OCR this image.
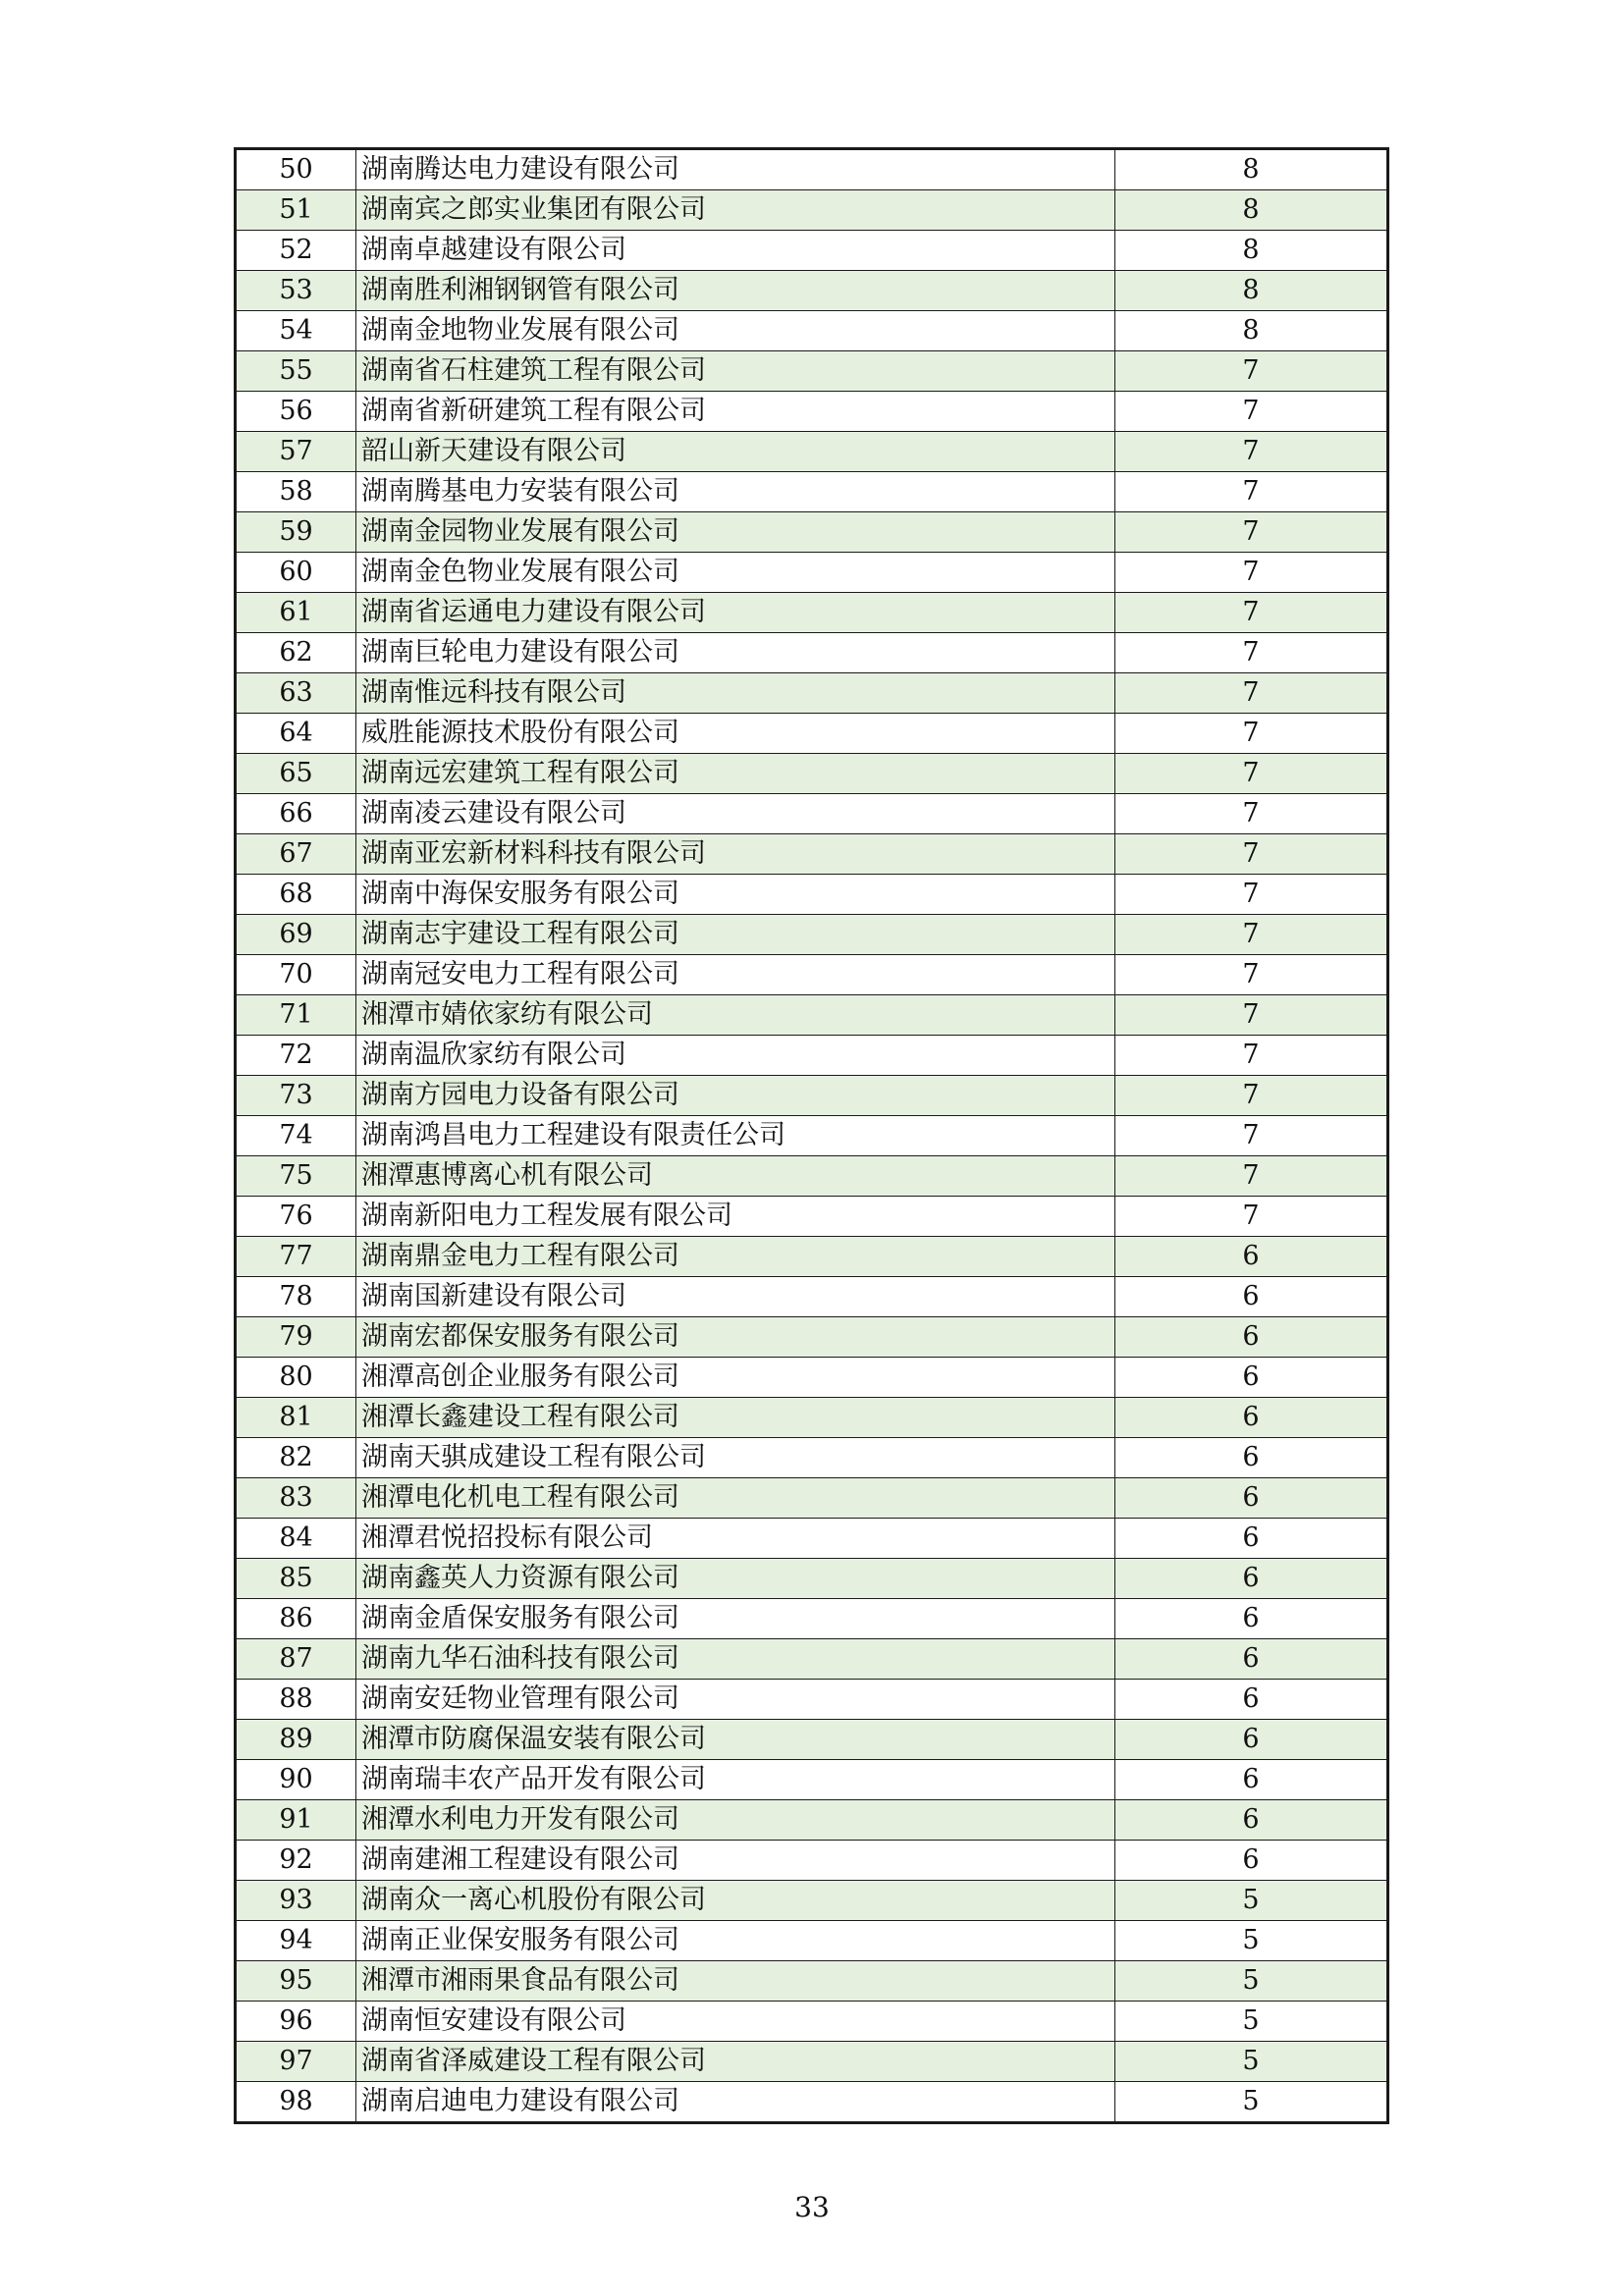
50	湖南腾达电力建设有限公司	8
51	湖南宾之郎实业集团有限公司	8
52	湖南卓越建设有限公司	8
53	湖南胜利湘钢钢管有限公司	8
54	湖南金地物业发展有限公司	8
55	湖南省石柱建筑工程有限公司	7
56	湖南省新研建筑工程有限公司	7
57	韶山新天建设有限公司	7
58	湖南腾基电力安装有限公司	7
59	湖南金园物业发展有限公司	7
60	湖南金色物业发展有限公司	7
61	湖南省运通电力建设有限公司	7
62	湖南巨轮电力建设有限公司	7
63	湖南惟远科技有限公司	7
64	威胜能源技术股份有限公司	7
65	湖南远宏建筑工程有限公司	7
66	湖南凌云建设有限公司	7
67	湖南亚宏新材料科技有限公司	7
68	湖南中海保安服务有限公司	7
69	湖南志宇建设工程有限公司	7
70	湖南冠安电力工程有限公司	7
71	湘潭市婧依家纺有限公司	7
72	湖南温欣家纺有限公司	7
73	湖南方园电力设备有限公司	7
74	湖南鸿昌电力工程建设有限责任公司	7
75	湘潭惠博离心机有限公司	7
76	湖南新阳电力工程发展有限公司	7
77	湖南鼎金电力工程有限公司	6
78	湖南国新建设有限公司	6
79	湖南宏都保安服务有限公司	6
80	湘潭高创企业服务有限公司	6
81	湘潭长鑫建设工程有限公司	6
82	湖南天骐成建设工程有限公司	6
83	湘潭电化机电工程有限公司	6
84	湘潭君悦招投标有限公司	6
85	湖南鑫英人力资源有限公司	6
86	湖南金盾保安服务有限公司	6
87	湖南九华石油科技有限公司	6
88	湖南安廷物业管理有限公司	6
89	湘潭市防腐保温安装有限公司	6
90	湖南瑞丰农产品开发有限公司	6
91	湘潭水利电力开发有限公司	6
92	湖南建湘工程建设有限公司	6
93	湖南众一离心机股份有限公司	5
94	湖南正业保安服务有限公司	5
95	湘潭市湘雨果食品有限公司	5
96	湖南恒安建设有限公司	5
97	湖南省泽威建设工程有限公司	5
98	湖南启迪电力建设有限公司	5
33
